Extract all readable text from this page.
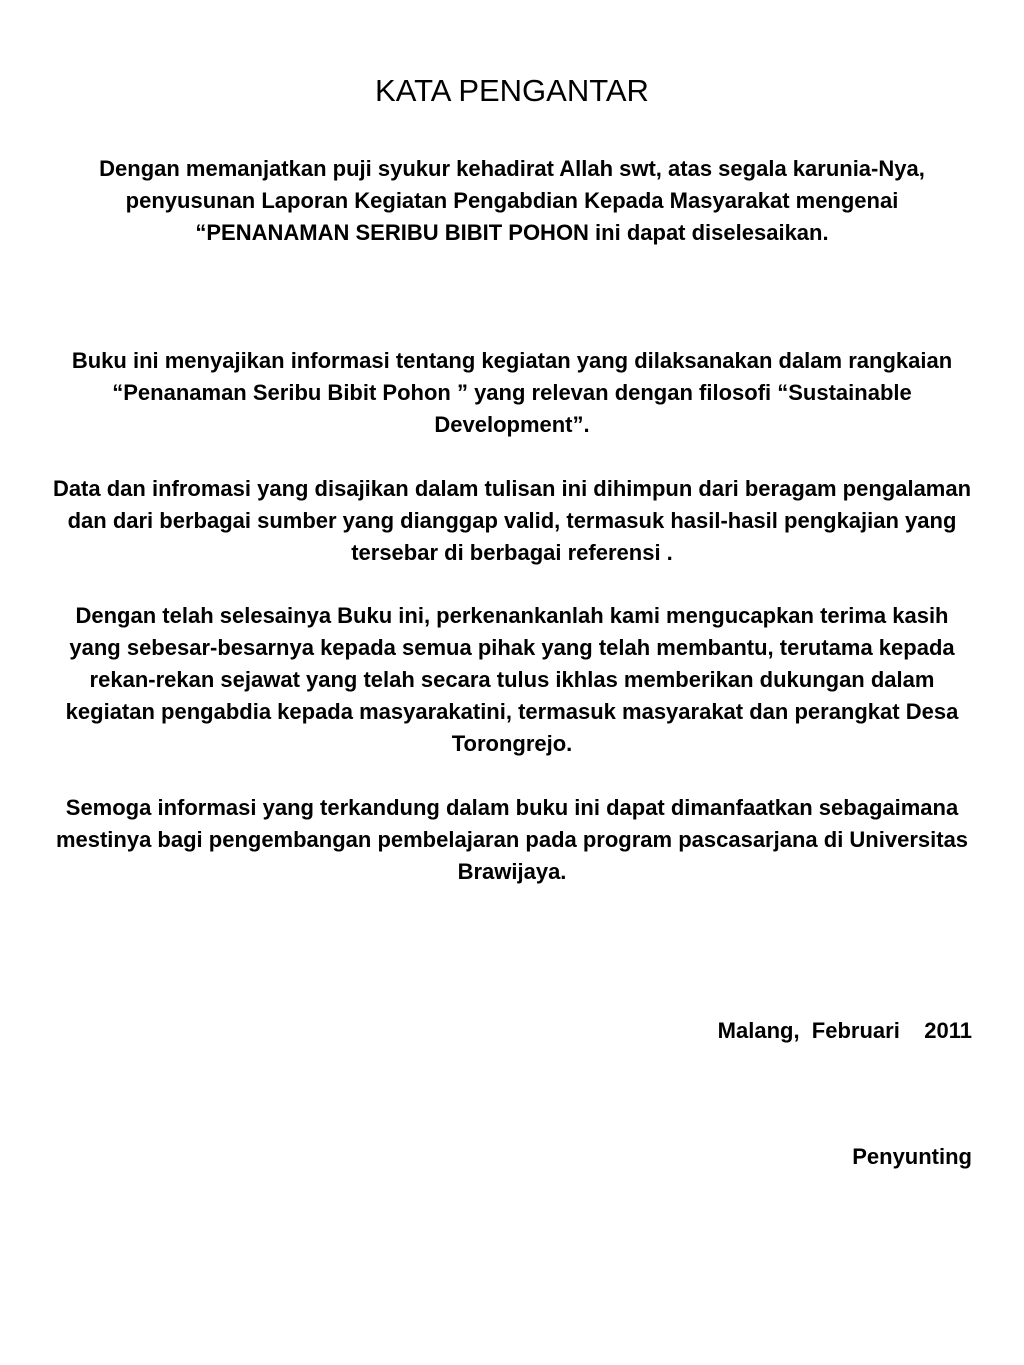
KATA PENGANTAR

Dengan memanjatkan puji syukur kehadirat Allah swt, atas segala karunia-Nya, penyusunan Laporan Kegiatan Pengabdian Kepada Masyarakat mengenai “PENANAMAN SERIBU BIBIT POHON ini dapat diselesaikan.

Buku ini menyajikan informasi tentang kegiatan yang dilaksanakan dalam rangkaian “Penanaman Seribu Bibit Pohon ” yang relevan dengan filosofi “Sustainable Development”.

Data dan infromasi yang disajikan dalam tulisan ini dihimpun dari beragam pengalaman dan dari berbagai sumber yang dianggap valid, termasuk hasil-hasil pengkajian yang tersebar di berbagai referensi .

Dengan telah selesainya Buku ini, perkenankanlah kami mengucapkan terima kasih yang sebesar-besarnya kepada semua pihak yang telah membantu, terutama kepada rekan-rekan sejawat yang telah secara tulus ikhlas memberikan dukungan dalam kegiatan pengabdia kepada masyarakatini, termasuk masyarakat dan perangkat Desa Torongrejo.

Semoga informasi yang terkandung dalam buku ini dapat dimanfaatkan sebagaimana mestinya bagi pengembangan pembelajaran pada program pascasarjana di Universitas Brawijaya.

Malang,  Februari    2011

Penyunting
